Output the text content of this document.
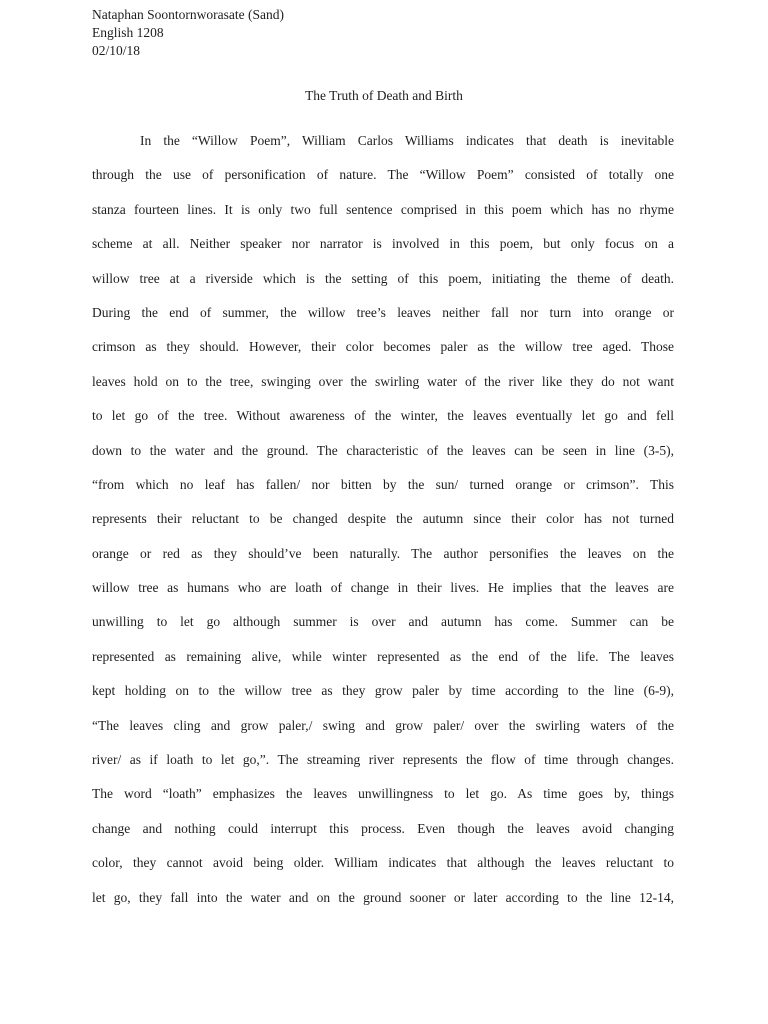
Nataphan Soontornworasate (Sand)
English 1208
02/10/18
The Truth of Death and Birth
In the “Willow Poem”, William Carlos Williams indicates that death is inevitable
through the use of personification of nature. The “Willow Poem” consisted of totally one
stanza fourteen lines. It is only two full sentence comprised in this poem which has no rhyme
scheme at all. Neither speaker nor narrator is involved in this poem, but only focus on a
willow tree at a riverside which is the setting of this poem, initiating the theme of death.
During the end of summer, the willow tree’s leaves neither fall nor turn into orange or
crimson as they should. However, their color becomes paler as the willow tree aged. Those
leaves hold on to the tree, swinging over the swirling water of the river like they do not want
to let go of the tree. Without awareness of the winter, the leaves eventually let go and fell
down to the water and the ground. The characteristic of the leaves can be seen in line (3-5),
“from which no leaf has fallen/ nor bitten by the sun/ turned orange or crimson”. This
represents their reluctant to be changed despite the autumn since their color has not turned
orange or red as they should’ve been naturally. The author personifies the leaves on the
willow tree as humans who are loath of change in their lives. He implies that the leaves are
unwilling to let go although summer is over and autumn has come. Summer can be
represented as remaining alive, while winter represented as the end of the life. The leaves
kept holding on to the willow tree as they grow paler by time according to the line (6-9),
“The leaves cling and grow paler,/ swing and grow paler/ over the swirling waters of the
river/ as if loath to let go,”. The streaming river represents the flow of time through changes.
The word “loath” emphasizes the leaves unwillingness to let go. As time goes by, things
change and nothing could interrupt this process. Even though the leaves avoid changing
color, they cannot avoid being older. William indicates that although the leaves reluctant to
let go, they fall into the water and on the ground sooner or later according to the line 12-14,
